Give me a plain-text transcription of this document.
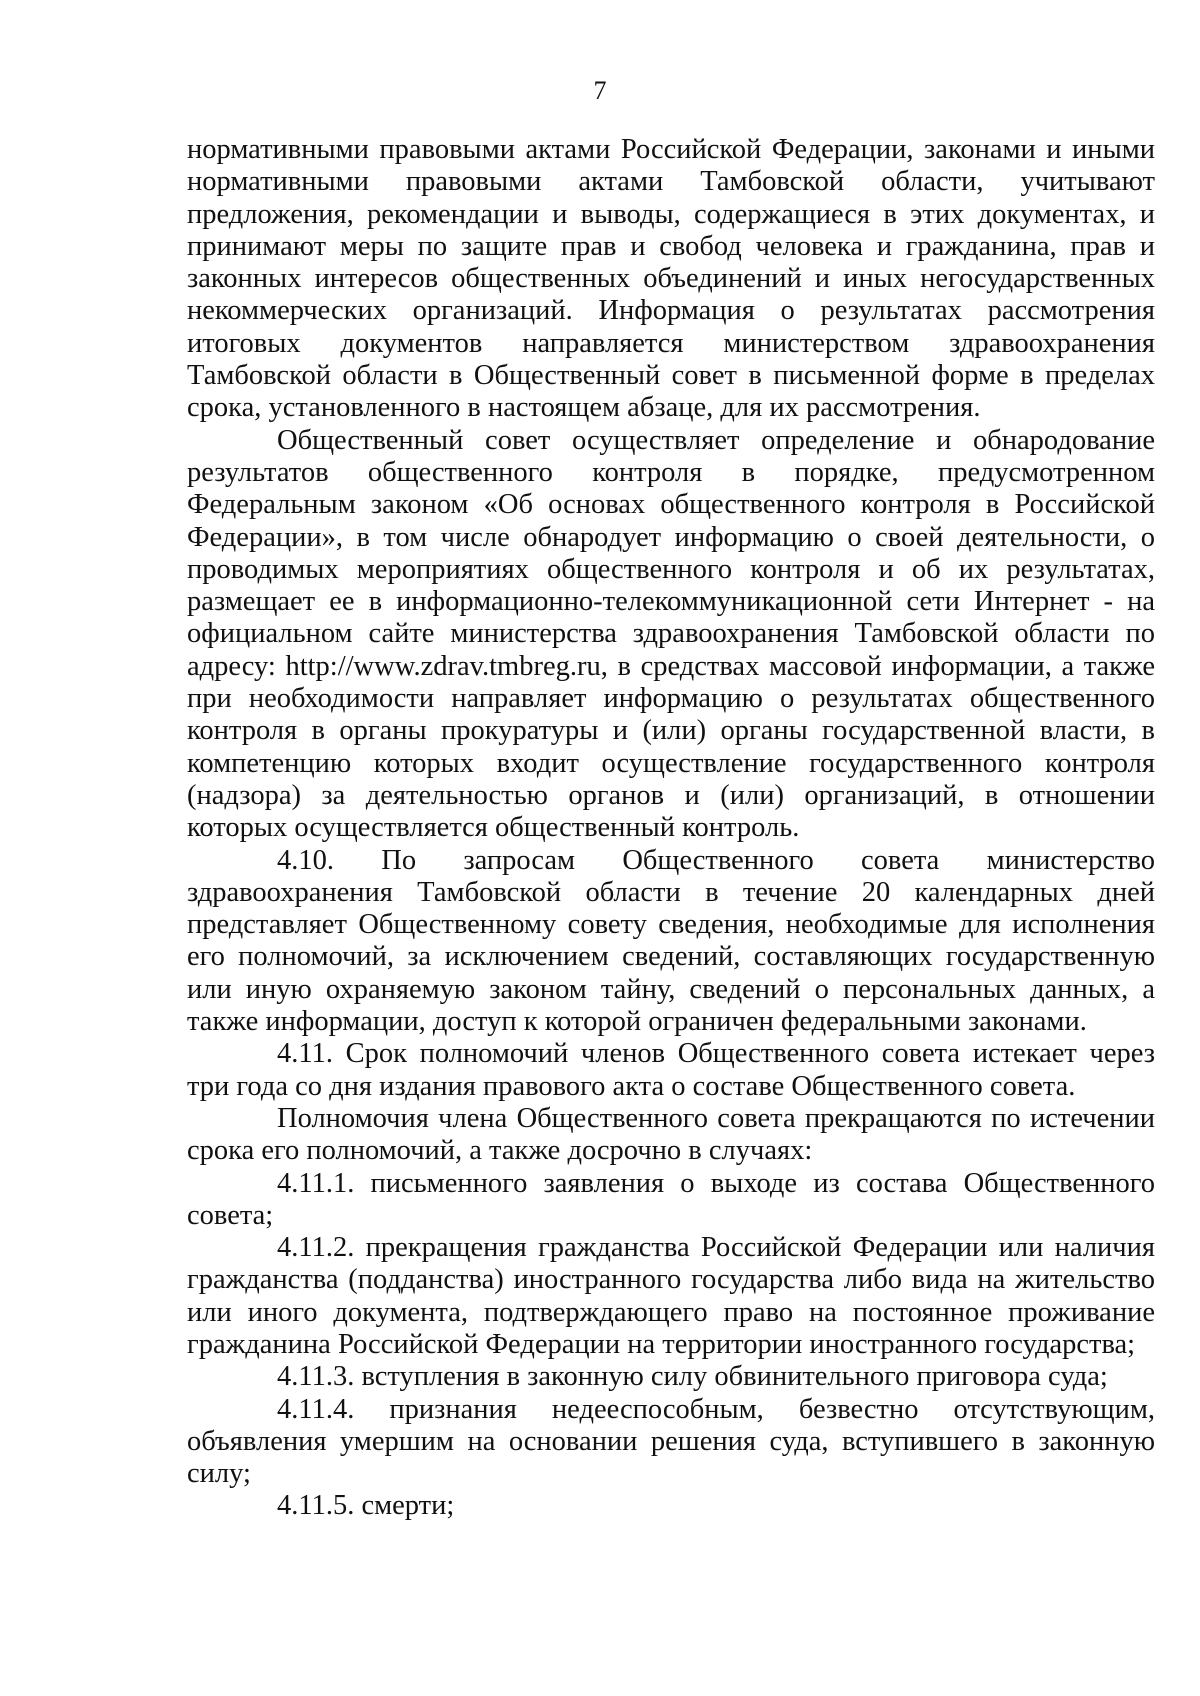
7

нормативными правовыми актами Российской Федерации, законами и иными нормативными правовыми актами Тамбовской области, учитывают предложения, рекомендации и выводы, содержащиеся в этих документах, и принимают меры по защите прав и свобод человека и гражданина, прав и законных интересов общественных объединений и иных негосударственных некоммерческих организаций. Информация о результатах рассмотрения итоговых документов направляется министерством здравоохранения Тамбовской области в Общественный совет в письменной форме в пределах срока, установленного в настоящем абзаце, для их рассмотрения.

Общественный совет осуществляет определение и обнародование результатов общественного контроля в порядке, предусмотренном Федеральным законом «Об основах общественного контроля в Российской Федерации», в том числе обнародует информацию о своей деятельности, о проводимых мероприятиях общественного контроля и об их результатах, размещает ее в информационно-телекоммуникационной сети Интернет - на официальном сайте министерства здравоохранения Тамбовской области по адресу: http://www.zdrav.tmbreg.ru, в средствах массовой информации, а также при необходимости направляет информацию о результатах общественного контроля в органы прокуратуры и (или) органы государственной власти, в компетенцию которых входит осуществление государственного контроля (надзора) за деятельностью органов и (или) организаций, в отношении которых осуществляется общественный контроль.

4.10. По запросам Общественного совета министерство здравоохранения Тамбовской области в течение 20 календарных дней представляет Общественному совету сведения, необходимые для исполнения его полномочий, за исключением сведений, составляющих государственную или иную охраняемую законом тайну, сведений о персональных данных, а также информации, доступ к которой ограничен федеральными законами.

4.11. Срок полномочий членов Общественного совета истекает через три года со дня издания правового акта о составе Общественного совета.

Полномочия члена Общественного совета прекращаются по истечении срока его полномочий, а также досрочно в случаях:

4.11.1. письменного заявления о выходе из состава Общественного совета;

4.11.2. прекращения гражданства Российской Федерации или наличия гражданства (подданства) иностранного государства либо вида на жительство или иного документа, подтверждающего право на постоянное проживание гражданина Российской Федерации на территории иностранного государства;

4.11.3. вступления в законную силу обвинительного приговора суда;

4.11.4. признания недееспособным, безвестно отсутствующим, объявления умершим на основании решения суда, вступившего в законную силу;

4.11.5. смерти;
